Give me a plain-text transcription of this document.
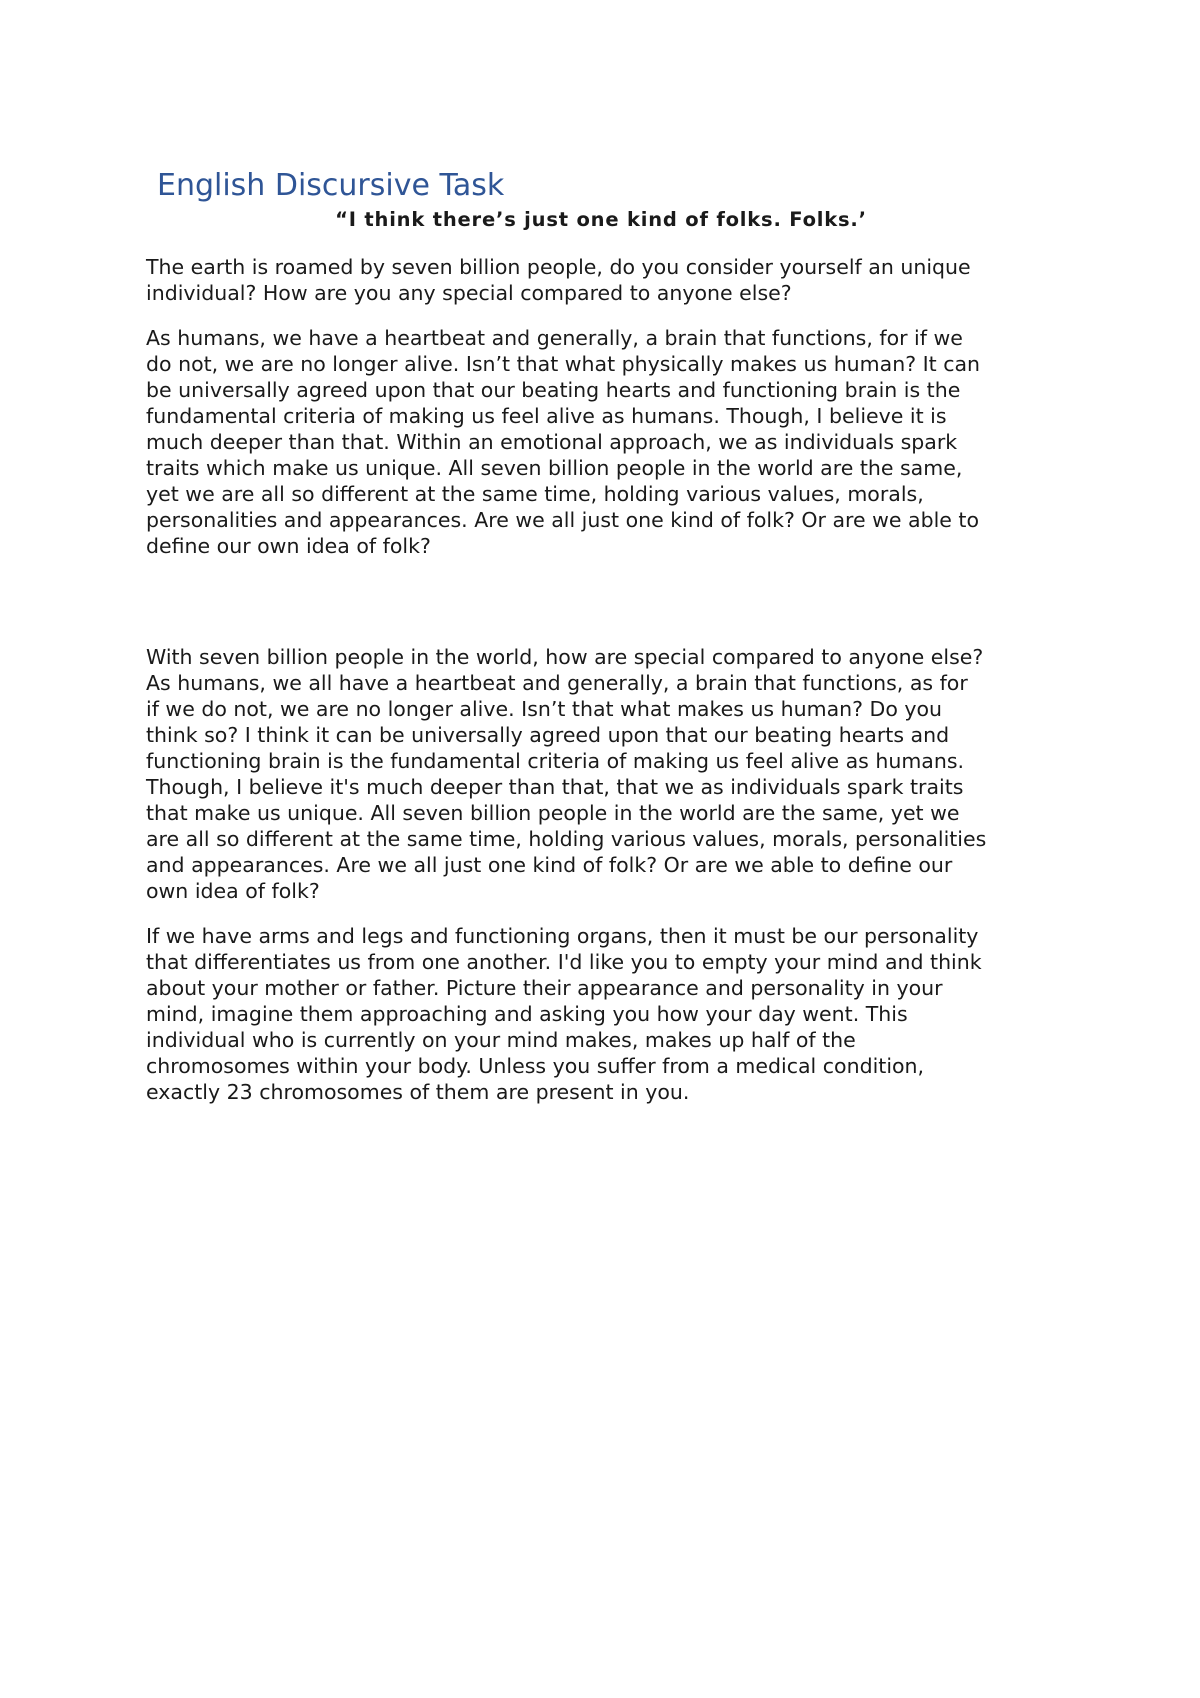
English Discursive Task
“I think there’s just one kind of folks. Folks.’

The earth is roamed by seven billion people, do you consider yourself an unique
individual? How are you any special compared to anyone else?

As humans, we have a heartbeat and generally, a brain that functions, for if we
do not, we are no longer alive. Isn’t that what physically makes us human? It can
be universally agreed upon that our beating hearts and functioning brain is the
fundamental criteria of making us feel alive as humans. Though, I believe it is
much deeper than that. Within an emotional approach, we as individuals spark
traits which make us unique. All seven billion people in the world are the same,
yet we are all so different at the same time, holding various values, morals,
personalities and appearances. Are we all just one kind of folk? Or are we able to
define our own idea of folk?

With seven billion people in the world, how are special compared to anyone else?
As humans, we all have a heartbeat and generally, a brain that functions, as for
if we do not, we are no longer alive. Isn’t that what makes us human? Do you
think so? I think it can be universally agreed upon that our beating hearts and
functioning brain is the fundamental criteria of making us feel alive as humans.
Though, I believe it's much deeper than that, that we as individuals spark traits
that make us unique. All seven billion people in the world are the same, yet we
are all so different at the same time, holding various values, morals, personalities
and appearances. Are we all just one kind of folk? Or are we able to define our
own idea of folk?

If we have arms and legs and functioning organs, then it must be our personality
that differentiates us from one another. I'd like you to empty your mind and think
about your mother or father. Picture their appearance and personality in your
mind, imagine them approaching and asking you how your day went. This
individual who is currently on your mind makes, makes up half of the
chromosomes within your body. Unless you suffer from a medical condition,
exactly 23 chromosomes of them are present in you.
